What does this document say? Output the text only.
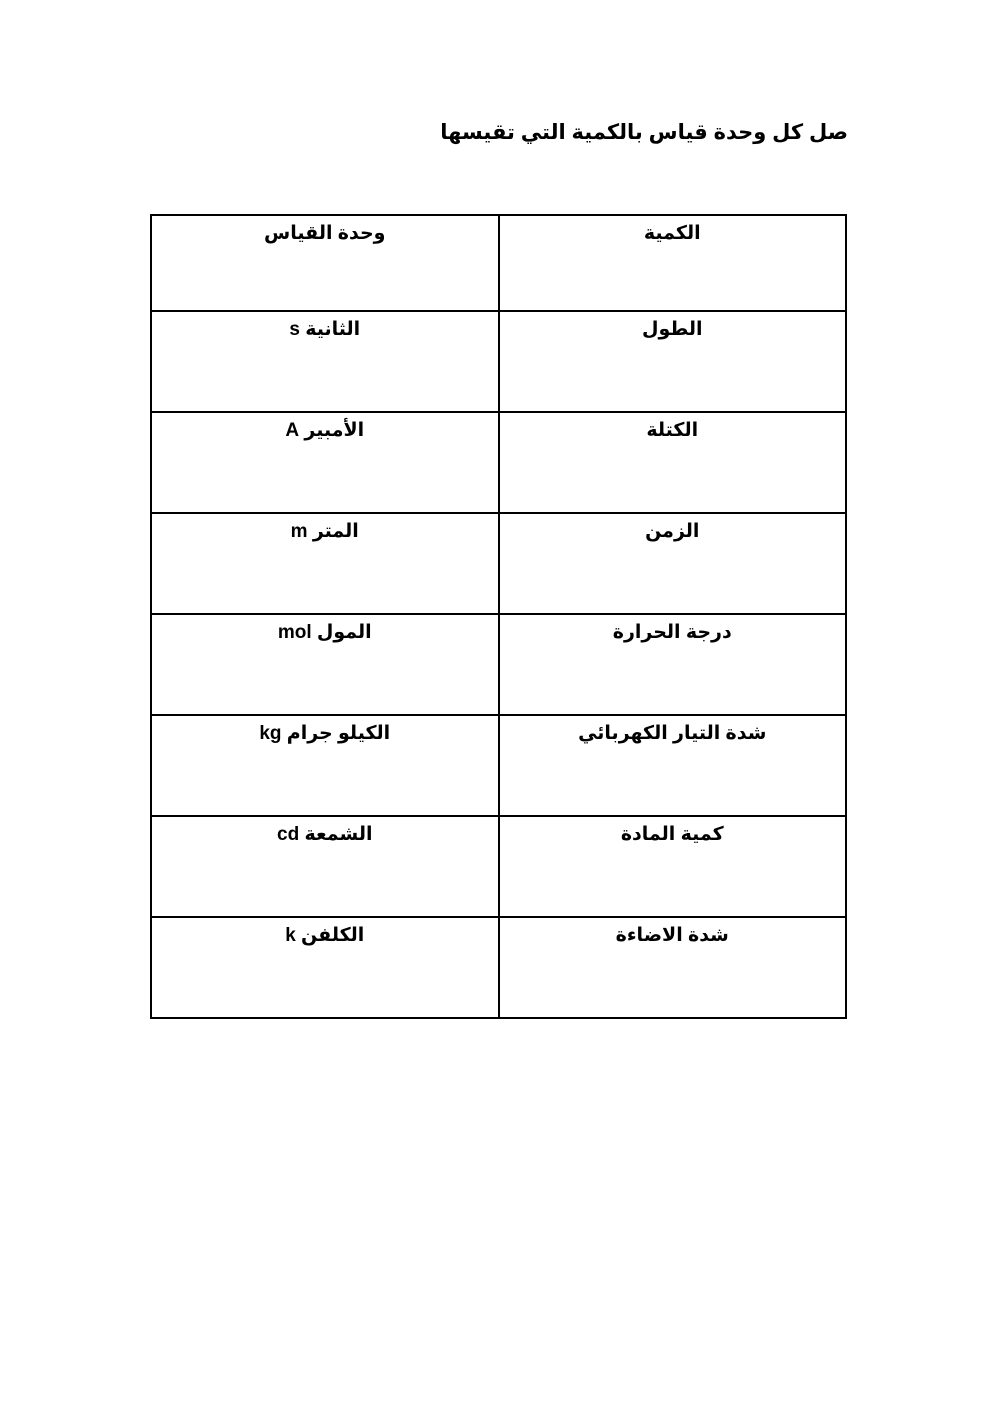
صل كل وحدة قياس بالكمية التي تقيسها
الكمية	وحدة القياس
الطول	الثانية s
الكتلة	الأمبير A
الزمن	المتر m
درجة الحرارة	المول mol
شدة التيار الكهربائي	الكيلو جرام kg
كمية المادة	الشمعة cd
شدة الاضاءة	الكلفن k
